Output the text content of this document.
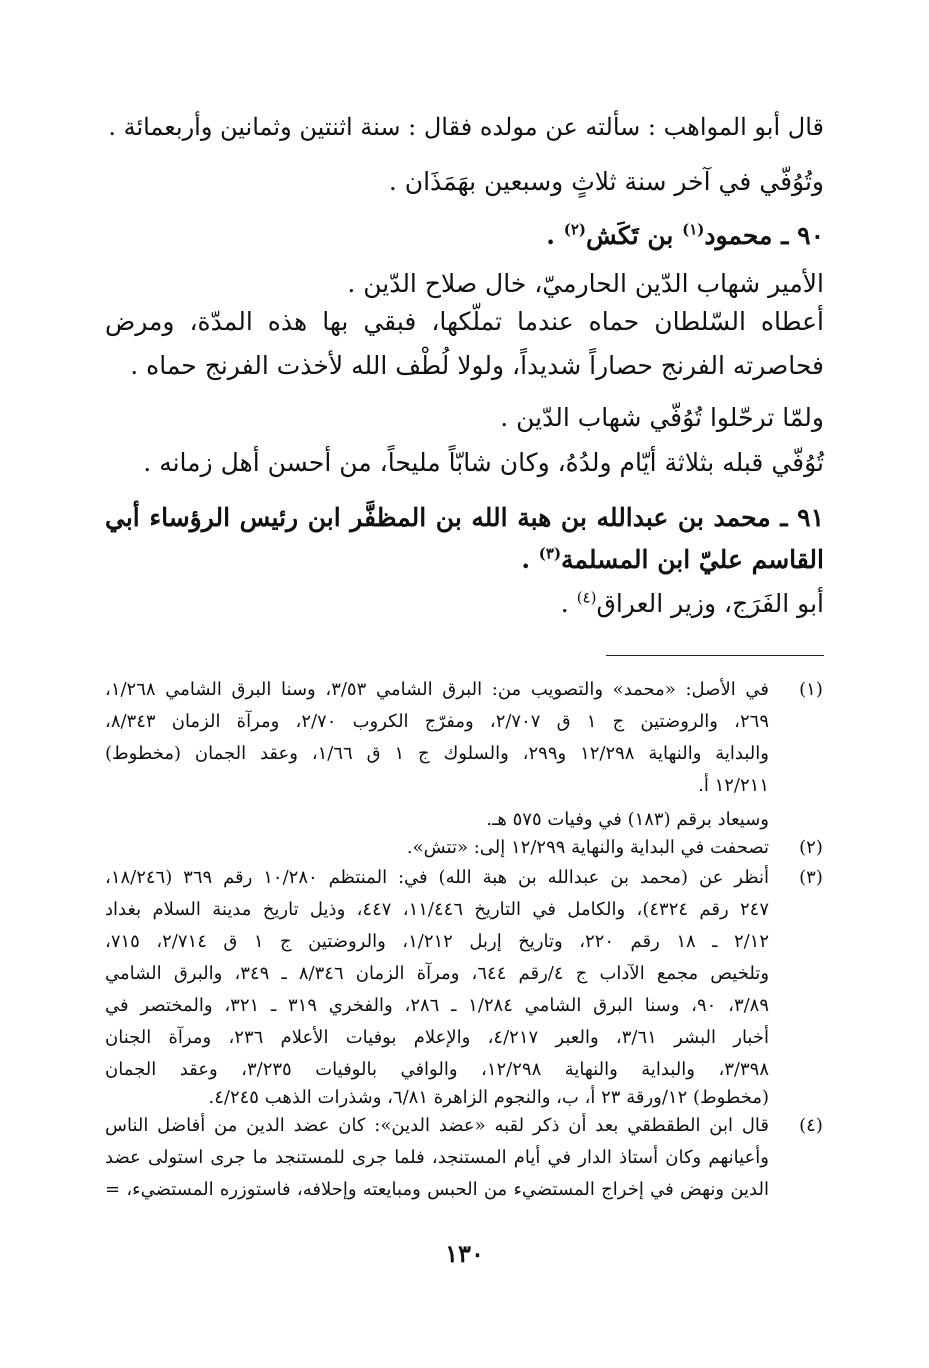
قال أبو المواهب : سألته عن مولده فقال : سنة اثنتين وثمانين وأربعمائة .
وتُوُفّي في آخر سنة ثلاثٍ وسبعين بهَمَذَان .
٩٠ ـ محمود$^{(١)}$ بن تَكَش$^{(٢)}$ .
الأمير شهاب الدّين الحارميّ، خال صلاح الدّين .
أعطاه السّلطان حماه عندما تملّكها، فبقي بها هذه المدّة، ومرض
فحاصرته الفرنج حصاراً شديداً، ولولا لُطْف الله لأخذت الفرنج حماه .
ولمّا ترحّلوا تُوُفّي شهاب الدّين .
تُوُفّي قبله بثلاثة أيّام ولدُهُ، وكان شابّاً مليحاً، من أحسن أهل زمانه .
٩١ ـ محمد بن عبدالله بن هبة الله بن المظفَّر ابن رئيس الرؤساء أبي
القاسم عليّ ابن المسلمة$^{(٣)}$ .
أبو الفَرَج، وزير العراق$^{(٤)}$ .
(١)
في الأصل: «محمد» والتصويب من: البرق الشامي ٣/٥٣، وسنا البرق الشامي ١/٢٦٨،
٢٦٩، والروضتين ج ١ ق ٢/٧٠٧، ومفرّج الكروب ٢/٧٠، ومرآة الزمان ٨/٣٤٣،
والبداية والنهاية ١٢/٢٩٨ و٢٩٩، والسلوك ج ١ ق ١/٦٦، وعقد الجمان (مخطوط)
١٢/٢١١ أ.
وسيعاد برقم (١٨٣) في وفيات ٥٧٥ هـ.
(٢)
تصحفت في البداية والنهاية ١٢/٢٩٩ إلى: «تتش».
(٣)
أنظر عن (محمد بن عبدالله بن هبة الله) في: المنتظم ١٠/٢٨٠ رقم ٣٦٩ (١٨/٢٤٦،
٢٤٧ رقم ٤٣٢٤)، والكامل في التاريخ ١١/٤٤٦، ٤٤٧، وذيل تاريخ مدينة السلام بغداد
٢/١٢ ـ ١٨ رقم ٢٢٠، وتاريخ إربل ١/٢١٢، والروضتين ج ١ ق ٢/٧١٤، ٧١٥،
وتلخيص مجمع الآداب ج ٤/رقم ٦٤٤، ومرآة الزمان ٨/٣٤٦ ـ ٣٤٩، والبرق الشامي
٣/٨٩، ٩٠، وسنا البرق الشامي ١/٢٨٤ ـ ٢٨٦، والفخري ٣١٩ ـ ٣٢١، والمختصر في
أخبار البشر ٣/٦١، والعبر ٤/٢١٧، والإعلام بوفيات الأعلام ٢٣٦، ومرآة الجنان
٣/٣٩٨، والبداية والنهاية ١٢/٢٩٨، والوافي بالوفيات ٣/٢٣٥، وعقد الجمان
(مخطوط) ١٢/ورقة ٢٣ أ، ب، والنجوم الزاهرة ٦/٨١، وشذرات الذهب ٤/٢٤٥.
(٤)
قال ابن الطقطقي بعد أن ذكر لقبه «عضد الدين»: كان عضد الدين من أفاضل الناس
وأعيانهم وكان أستاذ الدار في أيام المستنجد، فلما جرى للمستنجد ما جرى استولى عضد
الدين ونهض في إخراج المستضيء من الحبس ومبايعته وإحلافه، فاستوزره المستضيء، =
١٣٠
